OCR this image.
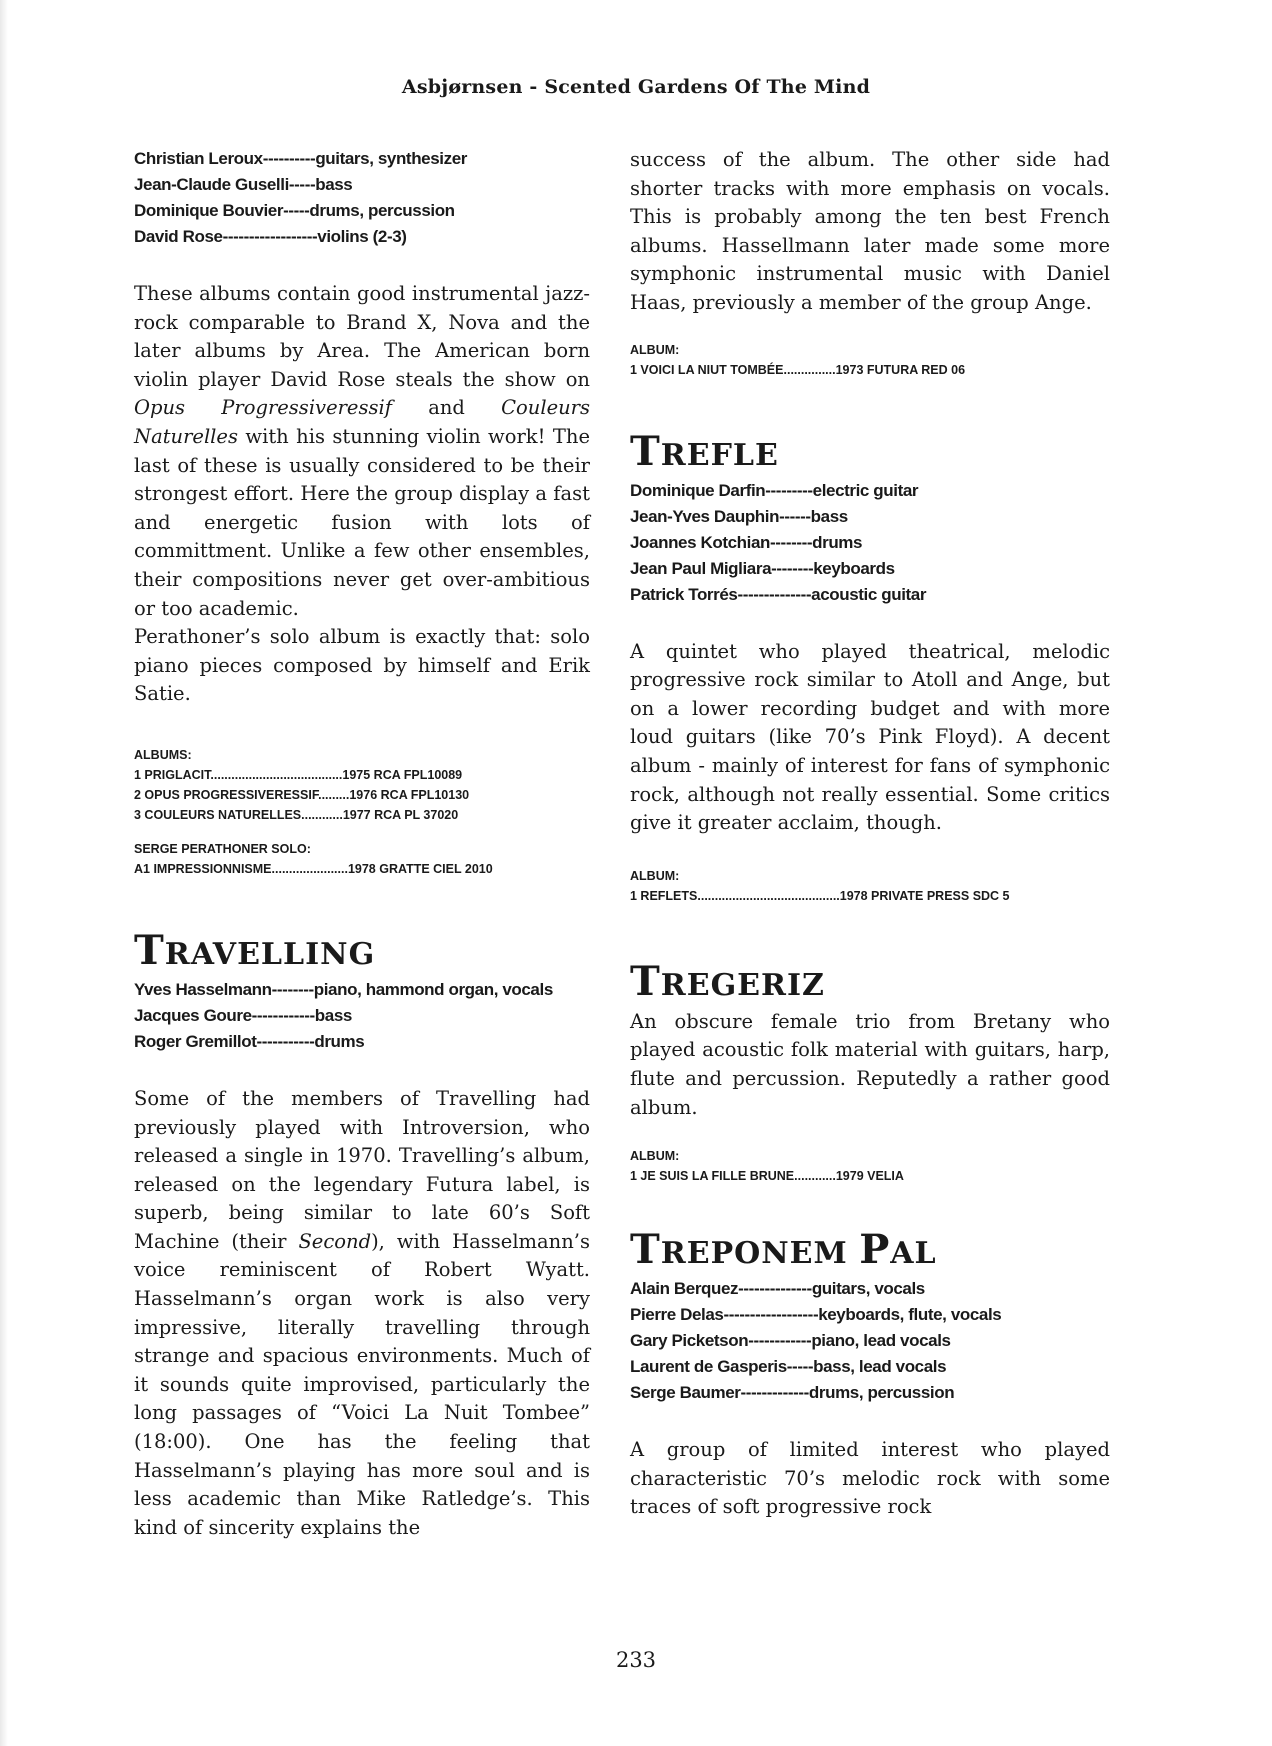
Asbjørnsen - Scented Gardens Of The Mind
Christian Leroux----------guitars, synthesizer
Jean-Claude Guselli-----bass
Dominique Bouvier-----drums, percussion
David Rose------------------violins (2-3)

These albums contain good instrumental jazz-rock comparable to Brand X, Nova and the later albums by Area. The American born violin player David Rose steals the show on Opus Progressiveressif and Couleurs Naturelles with his stunning violin work! The last of these is usually considered to be their strongest effort. Here the group display a fast and energetic fusion with lots of committment. Unlike a few other ensembles, their compositions never get over-ambitious or too academic.

Perathoner’s solo album is exactly that: solo piano pieces composed by himself and Erik Satie.

ALBUMS:
1 PRIGLACIT......................................1975 RCA FPL10089
2 OPUS PROGRESSIVERESSIF.........1976 RCA FPL10130
3 COULEURS NATURELLES............1977 RCA PL 37020
SERGE PERATHONER SOLO:
A1 IMPRESSIONNISME......................1978 GRATTE CIEL 2010
TRAVELLING
Yves Hasselmann--------piano, hammond organ, vocals
Jacques Goure------------bass
Roger Gremillot-----------drums

Some of the members of Travelling had previously played with Introversion, who released a single in 1970. Travelling’s album, released on the legendary Futura label, is superb, being similar to late 60’s Soft Machine (their Second), with Hasselmann’s voice reminiscent of Robert Wyatt. Hasselmann’s organ work is also very impressive, literally travelling through strange and spacious environments. Much of it sounds quite improvised, particularly the long passages of “Voici La Nuit Tombee” (18:00). One has the feeling that Hasselmann’s playing has more soul and is less academic than Mike Ratledge’s. This kind of sincerity explains the

success of the album. The other side had shorter tracks with more emphasis on vocals. This is probably among the ten best French albums. Hassellmann later made some more symphonic instrumental music with Daniel Haas, previously a member of the group Ange.

ALBUM:
1 VOICI LA NIUT TOMBÉE...............1973 FUTURA RED 06
TREFLE
Dominique Darfin---------electric guitar
Jean-Yves Dauphin------bass
Joannes Kotchian--------drums
Jean Paul Migliara--------keyboards
Patrick Torrés--------------acoustic guitar

A quintet who played theatrical, melodic progressive rock similar to Atoll and Ange, but on a lower recording budget and with more loud guitars (like 70’s Pink Floyd). A decent album - mainly of interest for fans of symphonic rock, although not really essential. Some critics give it greater acclaim, though.

ALBUM:
1 REFLETS.........................................1978 PRIVATE PRESS SDC 5
TREGERIZ

An obscure female trio from Bretany who played acoustic folk material with guitars, harp, flute and percussion. Reputedly a rather good album.

ALBUM:
1 JE SUIS LA FILLE BRUNE............1979 VELIA
TREPONEM PAL
Alain Berquez--------------guitars, vocals
Pierre Delas------------------keyboards, flute, vocals
Gary Picketson------------piano, lead vocals
Laurent de Gasperis-----bass, lead vocals
Serge Baumer-------------drums, percussion

A group of limited interest who played characteristic 70’s melodic rock with some traces of soft progressive rock

233
